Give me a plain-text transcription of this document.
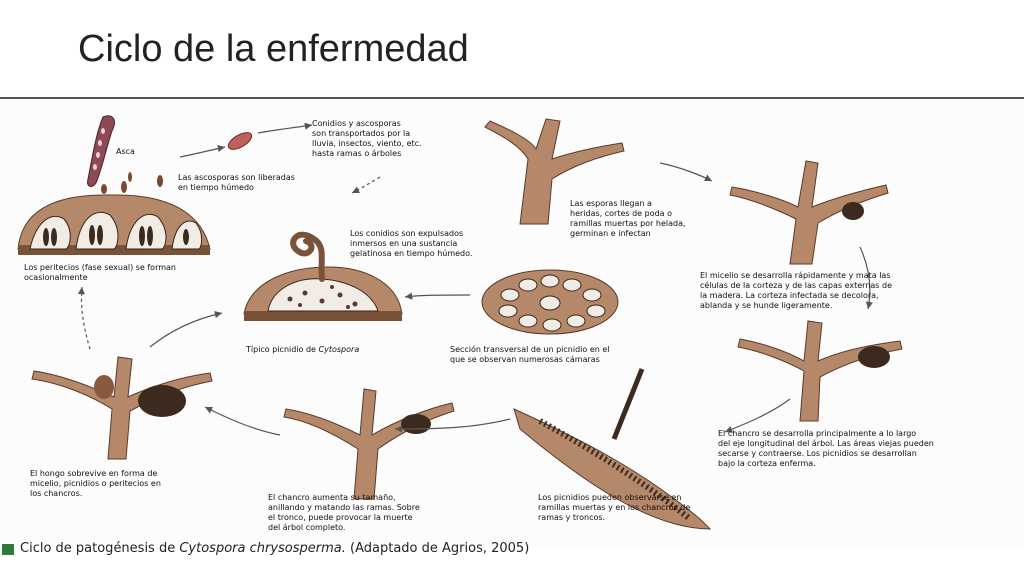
Ciclo de la enfermedad
Asca
Las ascosporas son liberadas
en tiempo húmedo
Conidios y ascosporas
son transportados por la
lluvia, insectos, viento, etc.
hasta ramas o árboles
Las esporas llegan a
heridas, cortes de poda o
ramillas muertas por helada,
germinan e infectan
Los peritecios (fase sexual) se forman
ocasionalmente
Los conidios son expulsados
inmersos en una sustancia
gelatinosa en tiempo húmedo.
El micelio se desarrolla rápidamente y mata las
células de la corteza y de las capas externas de
la madera. La corteza infectada se decolora,
ablanda y se hunde ligeramente.

Típico picnidio de Cytospora	Sección transversal de un picnidio en el
que se observan numerosas cámaras
El chancro se desarrolla principalmente a lo largo
del eje longitudinal del árbol. Las áreas viejas pueden
secarse y contraerse. Los picnidios se desarrollan
bajo la corteza enferma.
El hongo sobrevive en forma de
micelio, picnidios o peritecios en
los chancros.	El chancro aumenta su tamaño,
anillando y matando las ramas. Sobre
el tronco, puede provocar la muerte
del árbol completo.
Los picnidios pueden observarse en
ramillas muertas y en los chancros de
ramas y troncos.
Ciclo de patogénesis de Cytospora chrysosperma. (Adaptado de Agrios, 2005)
